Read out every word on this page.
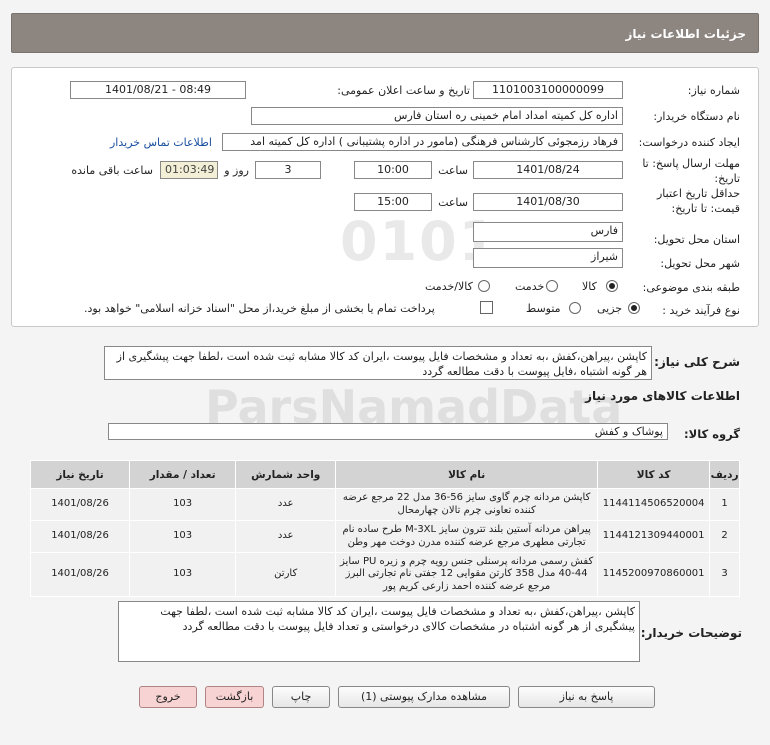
جزئیات اطلاعات نیاز
ParsNamadData
شماره نیاز:
1101003100000099
تاریخ و ساعت اعلان عمومی:
1401/08/21 - 08:49
نام دستگاه خریدار:
اداره کل کمیته امداد امام خمینی ره استان فارس
ایجاد کننده درخواست:
فرهاد رزمجوئی کارشناس فرهنگی (مامور در اداره پشتیبانی ) اداره کل کمیته امد
اطلاعات تماس خریدار
مهلت ارسال پاسخ: تا
تاریخ:
1401/08/24
ساعت
10:00
3
روز و
01:03:49
ساعت باقی مانده
حداقل تاریخ اعتبار
قیمت: تا تاریخ:
1401/08/30
ساعت
15:00
استان محل تحویل:
فارس
شهر محل تحویل:
شیراز
طبقه بندی موضوعی:
کالا
خدمت
کالا/خدمت
نوع فرآیند خرید :
جزیی
متوسط
پرداخت تمام یا بخشی از مبلغ خرید،از محل "اسناد خزانه اسلامی" خواهد بود.
شرح کلی نیاز:
کاپشن ،پیراهن،کفش ،به تعداد و مشخصات فایل پیوست ،ایران کد کالا مشابه ثبت شده است ،لطفا جهت پیشگیری از هر گونه اشتباه ،فایل پیوست با دقت مطالعه گردد
اطلاعات کالاهای مورد نیاز
گروه کالا:
پوشاک و کفش
ردیف	کد کالا	نام کالا	واحد شمارش	تعداد / مقدار	تاریخ نیاز
1	1144114506520004	کاپشن مردانه چرم گاوی سایز 56-36 مدل 22 مرجع عرضه کننده تعاونی چرم تالان چهارمحال	عدد	103	1401/08/26
2	1144121309440001	پیراهن مردانه آستین بلند تترون سایز M-3XL طرح ساده نام تجارتی مطهری مرجع عرضه کننده مدرن دوخت مهر وطن	عدد	103	1401/08/26
3	1145200970860001	کفش رسمی مردانه پرسنلی جنس رویه چرم و زیره PU سایز 44-40 مدل 358 کارتن مقوایی 12 جفتی نام تجارتی البرز مرجع عرضه کننده احمد زارعی کریم پور	کارتن	103	1401/08/26
توضیحات خریدار:
کاپشن ،پیراهن،کفش ،به تعداد و مشخصات فایل پیوست ،ایران کد کالا مشابه ثبت شده است ،لطفا جهت پیشگیری از هر گونه اشتباه در مشخصات کالای درخواستی و تعداد فایل پیوست با دقت مطالعه گردد
پاسخ به نیاز
مشاهده مدارک پیوستی (1)
چاپ
بازگشت
خروج
